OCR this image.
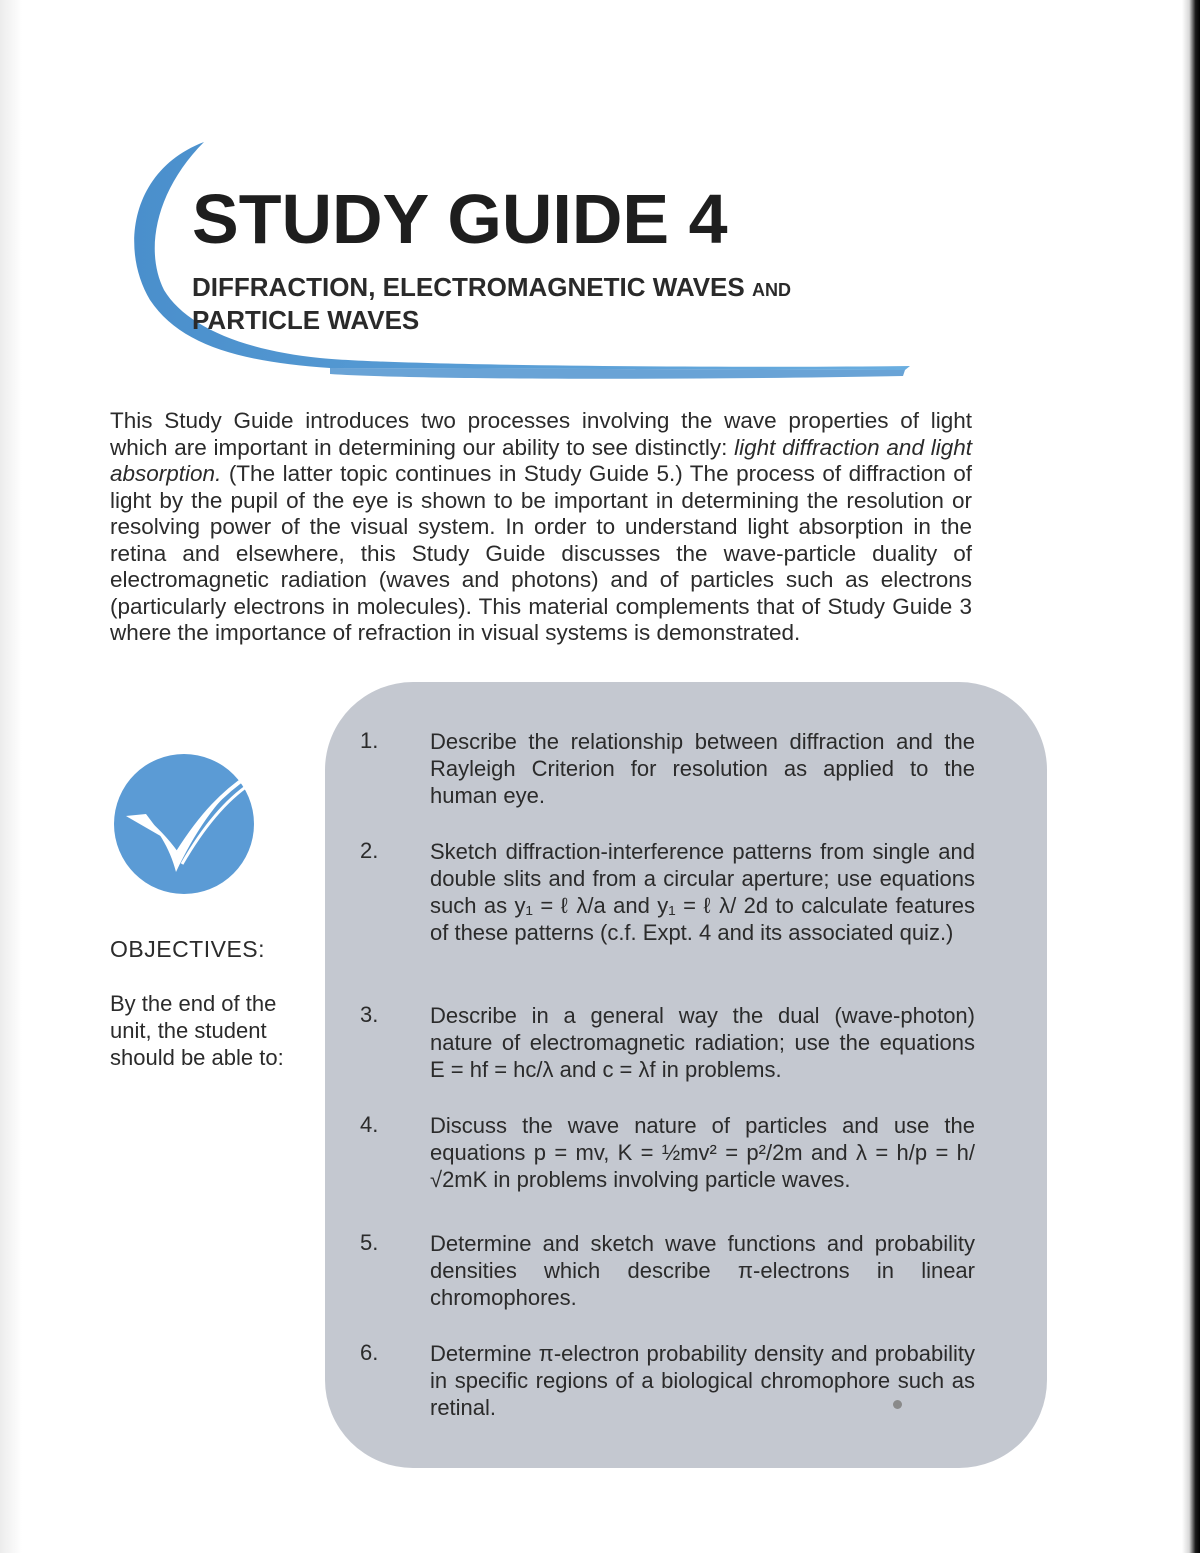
STUDY GUIDE 4
DIFFRACTION, ELECTROMAGNETIC WAVES AND
PARTICLE WAVES

This Study Guide introduces two processes involving the wave properties of light which are important in determining our ability to see distinctly: light diffraction and light absorption. (The latter topic continues in Study Guide 5.) The process of diffraction of light by the pupil of the eye is shown to be important in determining the resolution or resolving power of the visual system. In order to understand light absorption in the retina and elsewhere, this Study Guide discusses the wave-particle duality of electromagnetic radiation (waves and photons) and of particles such as electrons (particularly electrons in molecules). This material complements that of Study Guide 3 where the importance of refraction in visual systems is demonstrated.

OBJECTIVES:

By the end of the unit, the student should be able to:

1. Describe the relationship between diffraction and the Rayleigh Criterion for resolution as applied to the human eye.

2. Sketch diffraction-interference patterns from single and double slits and from a circular aperture; use equations such as y₁ = ℓ λ/a and y₁ = ℓ λ/ 2d to calculate features of these patterns (c.f. Expt. 4 and its associated quiz.)

3. Describe in a general way the dual (wave-photon) nature of electromagnetic radiation; use the equations E = hf = hc/λ and c = λf in problems.

4. Discuss the wave nature of particles and use the equations p = mv, K = ½mv² = p²/2m and λ = h/p = h/√2mK in problems involving particle waves.

5. Determine and sketch wave functions and probability densities which describe π-electrons in linear chromophores.

6. Determine π-electron probability density and probability in specific regions of a biological chromophore such as retinal.
